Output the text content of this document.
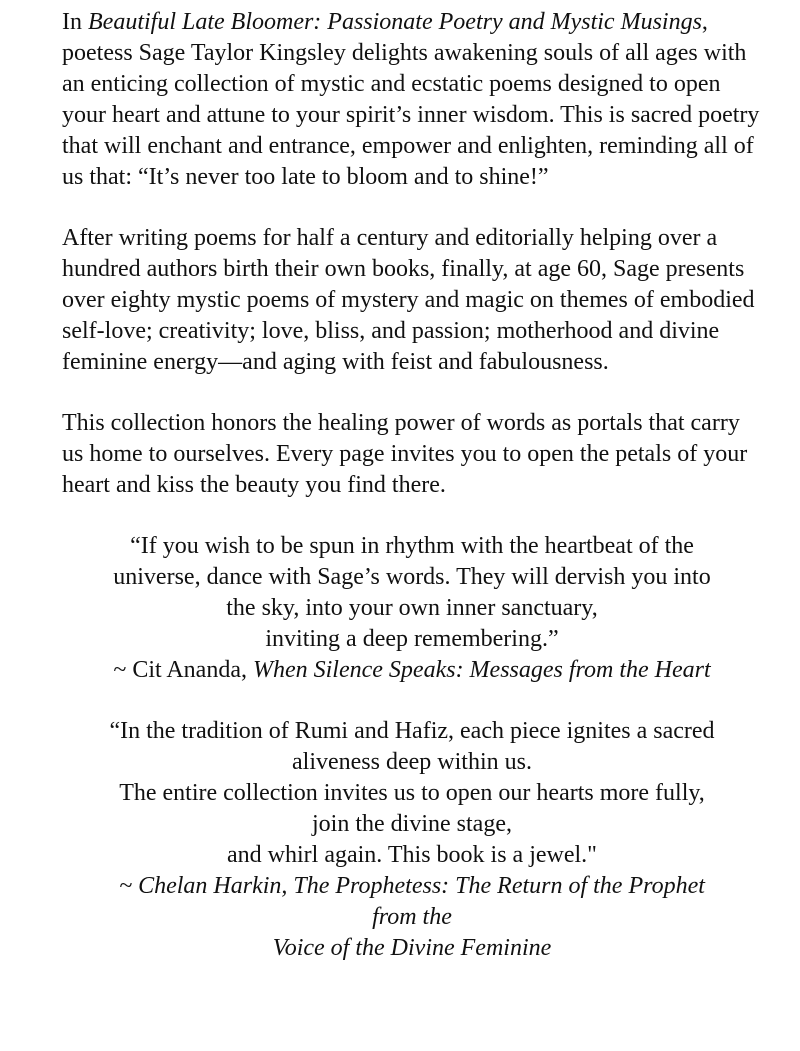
In Beautiful Late Bloomer: Passionate Poetry and Mystic Musings, poetess Sage Taylor Kingsley delights awakening souls of all ages with an enticing collection of mystic and ecstatic poems designed to open your heart and attune to your spirit’s inner wisdom. This is sacred poetry that will enchant and entrance, empower and enlighten, reminding all of us that: “It’s never too late to bloom and to shine!”

After writing poems for half a century and editorially helping over a hundred authors birth their own books, finally, at age 60, Sage presents over eighty mystic poems of mystery and magic on themes of embodied self-love; creativity; love, bliss, and passion; motherhood and divine feminine energy—and aging with feist and fabulousness.

This collection honors the healing power of words as portals that carry us home to ourselves. Every page invites you to open the petals of your heart and kiss the beauty you find there.

“If you wish to be spun in rhythm with the heartbeat of the
universe, dance with Sage’s words. They will dervish you into
the sky, into your own inner sanctuary,
inviting a deep remembering.”
~ Cit Ananda, When Silence Speaks: Messages from the Heart
“In the tradition of Rumi and Hafiz, each piece ignites a sacred
aliveness deep within us.
The entire collection invites us to open our hearts more fully,
join the divine stage,
and whirl again. This book is a jewel."
~ Chelan Harkin, The Prophetess: The Return of the Prophet
from the
Voice of the Divine Feminine
